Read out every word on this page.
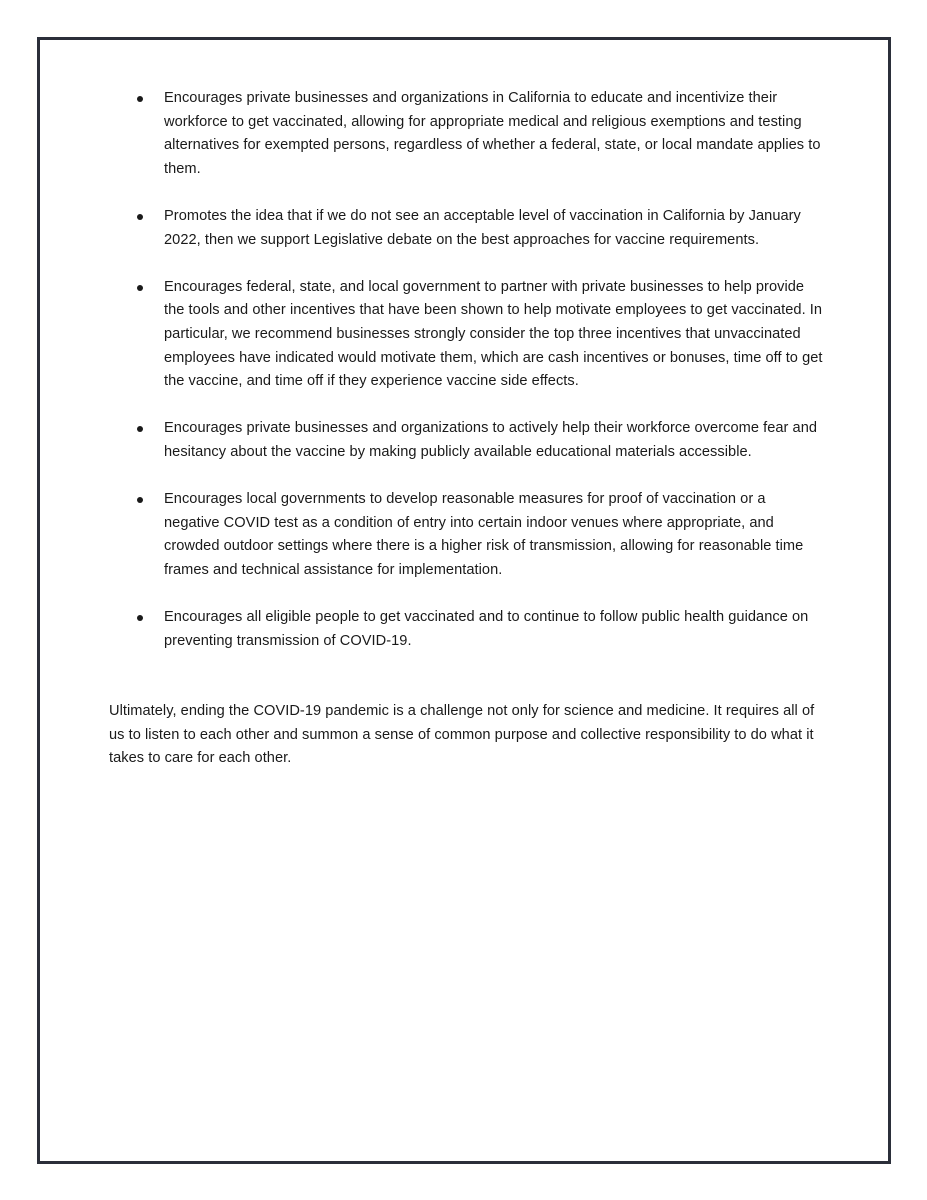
Encourages private businesses and organizations in California to educate and incentivize their workforce to get vaccinated, allowing for appropriate medical and religious exemptions and testing alternatives for exempted persons, regardless of whether a federal, state, or local mandate applies to them.
Promotes the idea that if we do not see an acceptable level of vaccination in California by January 2022, then we support Legislative debate on the best approaches for vaccine requirements.
Encourages federal, state, and local government to partner with private businesses to help provide the tools and other incentives that have been shown to help motivate employees to get vaccinated. In particular, we recommend businesses strongly consider the top three incentives that unvaccinated employees have indicated would motivate them, which are cash incentives or bonuses, time off to get the vaccine, and time off if they experience vaccine side effects.
Encourages private businesses and organizations to actively help their workforce overcome fear and hesitancy about the vaccine by making publicly available educational materials accessible.
Encourages local governments to develop reasonable measures for proof of vaccination or a negative COVID test as a condition of entry into certain indoor venues where appropriate, and crowded outdoor settings where there is a higher risk of transmission, allowing for reasonable time frames and technical assistance for implementation.
Encourages all eligible people to get vaccinated and to continue to follow public health guidance on preventing transmission of COVID-19.

Ultimately, ending the COVID-19 pandemic is a challenge not only for science and medicine. It requires all of us to listen to each other and summon a sense of common purpose and collective responsibility to do what it takes to care for each other.
